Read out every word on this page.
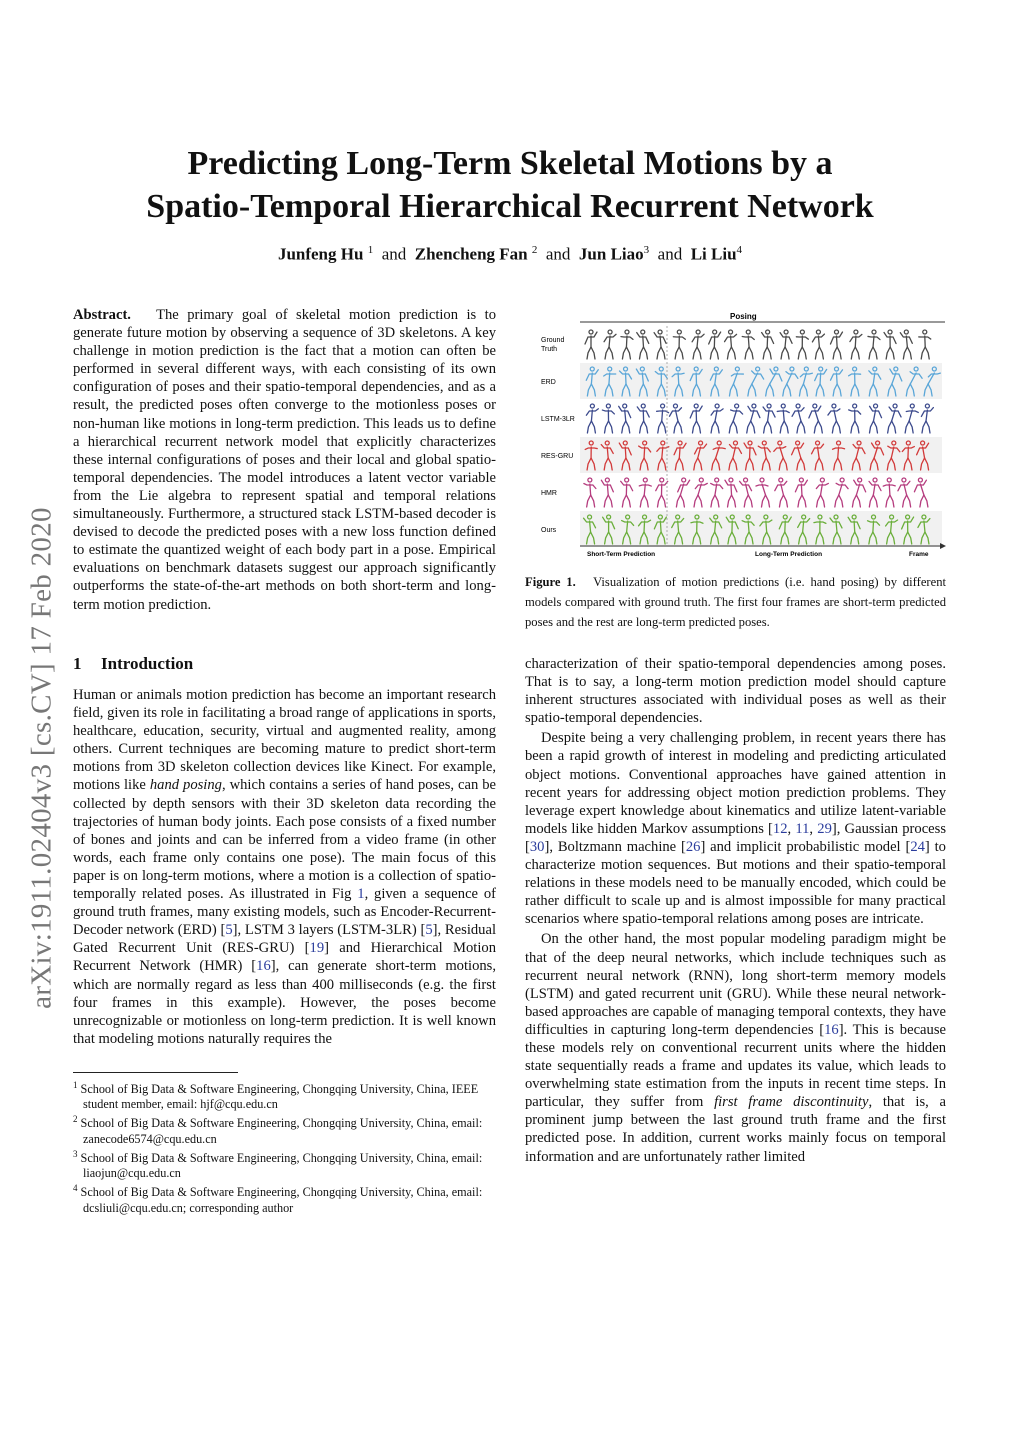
arXiv:1911.02404v3 [cs.CV] 17 Feb 2020
Predicting Long-Term Skeletal Motions by a
Spatio-Temporal Hierarchical Recurrent Network
Junfeng Hu $^1$ and Zhencheng Fan $^2$ and Jun Liao$^3$ and Li Liu$^4$

Abstract. The primary goal of skeletal motion prediction is to generate future motion by observing a sequence of 3D skeletons. A key challenge in motion prediction is the fact that a motion can often be performed in several different ways, with each consisting of its own configuration of poses and their spatio-temporal dependencies, and as a result, the predicted poses often converge to the motionless poses or non-human like motions in long-term prediction. This leads us to define a hierarchical recurrent network model that explicitly characterizes these internal configurations of poses and their local and global spatio-temporal dependencies. The model introduces a latent vector variable from the Lie algebra to represent spatial and temporal relations simultaneously. Furthermore, a structured stack LSTM-based decoder is devised to decode the predicted poses with a new loss function defined to estimate the quantized weight of each body part in a pose. Empirical evaluations on benchmark datasets suggest our approach significantly outperforms the state-of-the-art methods on both short-term and long-term motion prediction.

1 Introduction

Human or animals motion prediction has become an important research field, given its role in facilitating a broad range of applications in sports, healthcare, education, security, virtual and augmented reality, among others. Current techniques are becoming mature to predict short-term motions from 3D skeleton collection devices like Kinect. For example, motions like hand posing, which contains a series of hand poses, can be collected by depth sensors with their 3D skeleton data recording the trajectories of human body joints. Each pose consists of a fixed number of bones and joints and can be inferred from a video frame (in other words, each frame only contains one pose). The main focus of this paper is on long-term motions, where a motion is a collection of spatio-temporally related poses. As illustrated in Fig 1, given a sequence of ground truth frames, many existing models, such as Encoder-Recurrent-Decoder network (ERD) [5], LSTM 3 layers (LSTM-3LR) [5], Residual Gated Recurrent Unit (RES-GRU) [19] and Hierarchical Motion Recurrent Network (HMR) [16], can generate short-term motions, which are normally regard as less than 400 milliseconds (e.g. the first four frames in this example). However, the poses become unrecognizable or motionless on long-term prediction. It is well known that modeling motions naturally requires the

$^1$ School of Big Data & Software Engineering, Chongqing University, China, IEEE student member, email: hjf@cqu.edu.cn

$^2$ School of Big Data & Software Engineering, Chongqing University, China, email: zanecode6574@cqu.edu.cn

$^3$ School of Big Data & Software Engineering, Chongqing University, China, email: liaojun@cqu.edu.cn

$^4$ School of Big Data & Software Engineering, Chongqing University, China, email: dcsliuli@cqu.edu.cn; corresponding author

Posing
Ground
Truth
ERD
LSTM-3LR
RES-GRU
HMR
Ours
Short-Term Prediction	Long-Term Prediction	Frame
Figure 1. Visualization of motion predictions (i.e. hand posing) by different models compared with ground truth. The first four frames are short-term predicted poses and the rest are long-term predicted poses.

characterization of their spatio-temporal dependencies among poses. That is to say, a long-term motion prediction model should capture inherent structures associated with individual poses as well as their spatio-temporal dependencies.

Despite being a very challenging problem, in recent years there has been a rapid growth of interest in modeling and predicting articulated object motions. Conventional approaches have gained attention in recent years for addressing object motion prediction problems. They leverage expert knowledge about kinematics and utilize latent-variable models like hidden Markov assumptions [12, 11, 29], Gaussian process [30], Boltzmann machine [26] and implicit probabilistic model [24] to characterize motion sequences. But motions and their spatio-temporal relations in these models need to be manually encoded, which could be rather difficult to scale up and is almost impossible for many practical scenarios where spatio-temporal relations among poses are intricate.

On the other hand, the most popular modeling paradigm might be that of the deep neural networks, which include techniques such as recurrent neural network (RNN), long short-term memory models (LSTM) and gated recurrent unit (GRU). While these neural network-based approaches are capable of managing temporal contexts, they have difficulties in capturing long-term dependencies [16]. This is because these models rely on conventional recurrent units where the hidden state sequentially reads a frame and updates its value, which leads to overwhelming state estimation from the inputs in recent time steps. In particular, they suffer from first frame discontinuity, that is, a prominent jump between the last ground truth frame and the first predicted pose. In addition, current works mainly focus on temporal information and are unfortunately rather limited
